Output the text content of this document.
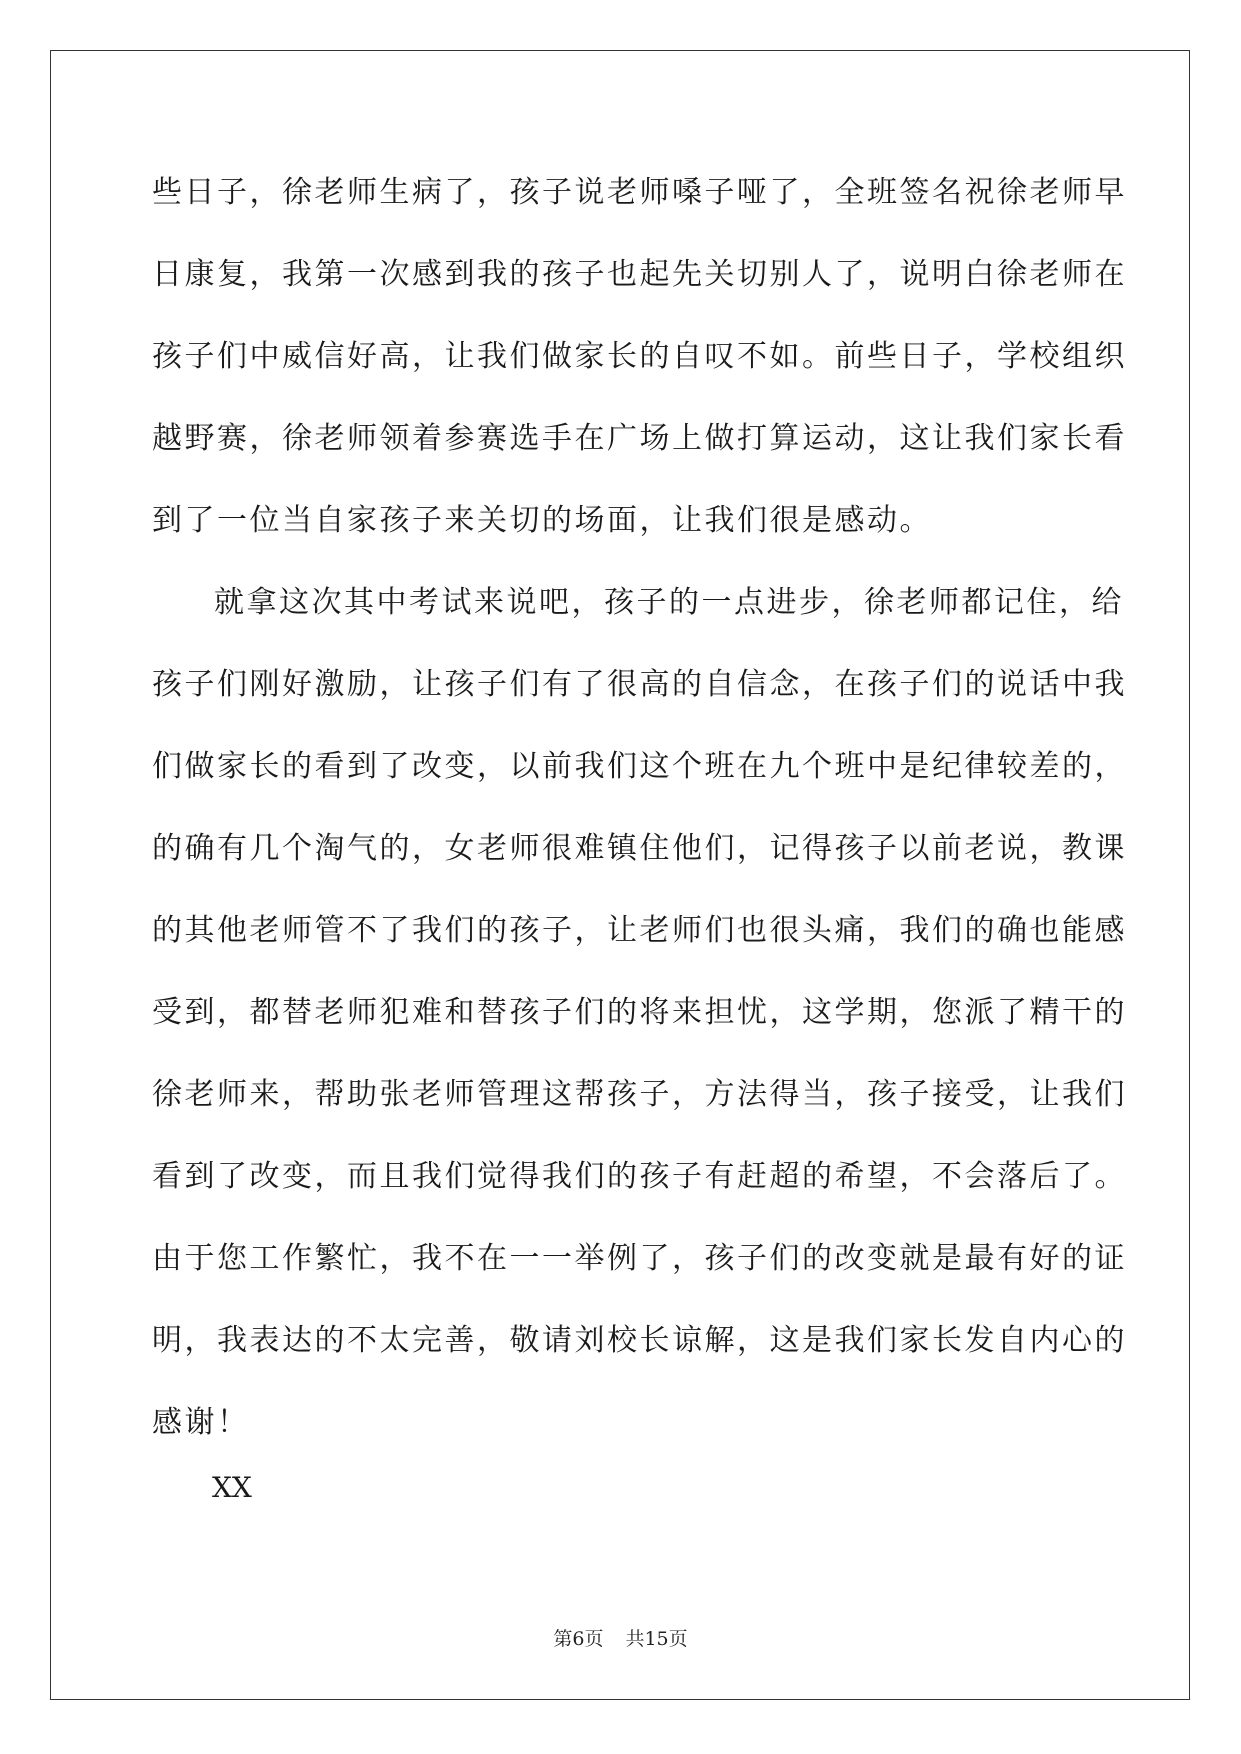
些日子，徐老师生病了，孩子说老师嗓子哑了，全班签名祝徐老师早

日康复，我第一次感到我的孩子也起先关切别人了，说明白徐老师在

孩子们中威信好高，让我们做家长的自叹不如。前些日子，学校组织

越野赛，徐老师领着参赛选手在广场上做打算运动，这让我们家长看

到了一位当自家孩子来关切的场面，让我们很是感动。

就拿这次其中考试来说吧，孩子的一点进步，徐老师都记住，给

孩子们刚好激励，让孩子们有了很高的自信念，在孩子们的说话中我

们做家长的看到了改变，以前我们这个班在九个班中是纪律较差的，

的确有几个淘气的，女老师很难镇住他们，记得孩子以前老说，教课

的其他老师管不了我们的孩子，让老师们也很头痛，我们的确也能感

受到，都替老师犯难和替孩子们的将来担忧，这学期，您派了精干的

徐老师来，帮助张老师管理这帮孩子，方法得当，孩子接受，让我们

看到了改变，而且我们觉得我们的孩子有赶超的希望，不会落后了。

由于您工作繁忙，我不在一一举例了，孩子们的改变就是最有好的证

明，我表达的不太完善，敬请刘校长谅解，这是我们家长发自内心的

感谢！

XX

第6页 共15页
